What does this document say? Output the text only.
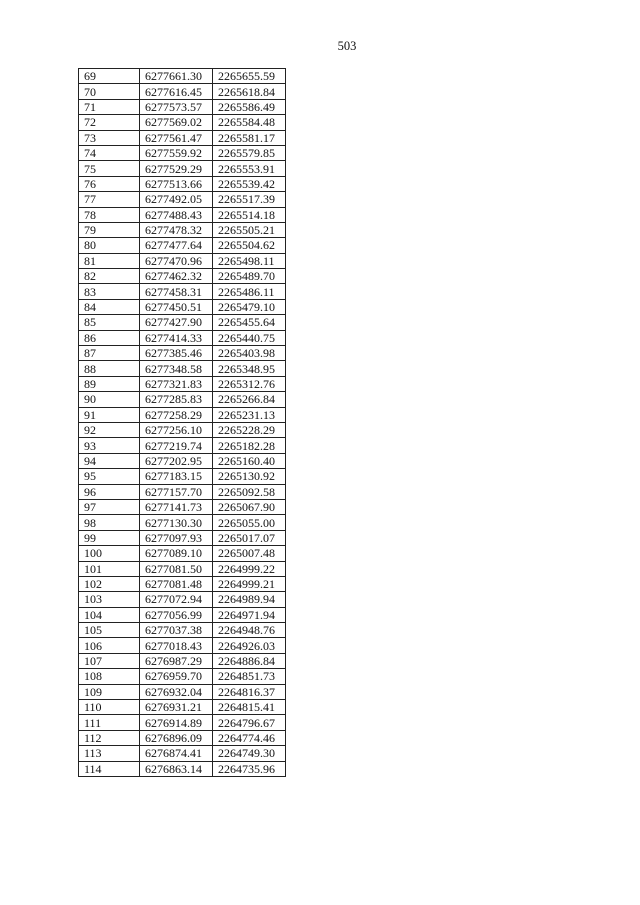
503
69	6277661.30	2265655.59
70	6277616.45	2265618.84
71	6277573.57	2265586.49
72	6277569.02	2265584.48
73	6277561.47	2265581.17
74	6277559.92	2265579.85
75	6277529.29	2265553.91
76	6277513.66	2265539.42
77	6277492.05	2265517.39
78	6277488.43	2265514.18
79	6277478.32	2265505.21
80	6277477.64	2265504.62
81	6277470.96	2265498.11
82	6277462.32	2265489.70
83	6277458.31	2265486.11
84	6277450.51	2265479.10
85	6277427.90	2265455.64
86	6277414.33	2265440.75
87	6277385.46	2265403.98
88	6277348.58	2265348.95
89	6277321.83	2265312.76
90	6277285.83	2265266.84
91	6277258.29	2265231.13
92	6277256.10	2265228.29
93	6277219.74	2265182.28
94	6277202.95	2265160.40
95	6277183.15	2265130.92
96	6277157.70	2265092.58
97	6277141.73	2265067.90
98	6277130.30	2265055.00
99	6277097.93	2265017.07
100	6277089.10	2265007.48
101	6277081.50	2264999.22
102	6277081.48	2264999.21
103	6277072.94	2264989.94
104	6277056.99	2264971.94
105	6277037.38	2264948.76
106	6277018.43	2264926.03
107	6276987.29	2264886.84
108	6276959.70	2264851.73
109	6276932.04	2264816.37
110	6276931.21	2264815.41
111	6276914.89	2264796.67
112	6276896.09	2264774.46
113	6276874.41	2264749.30
114	6276863.14	2264735.96
